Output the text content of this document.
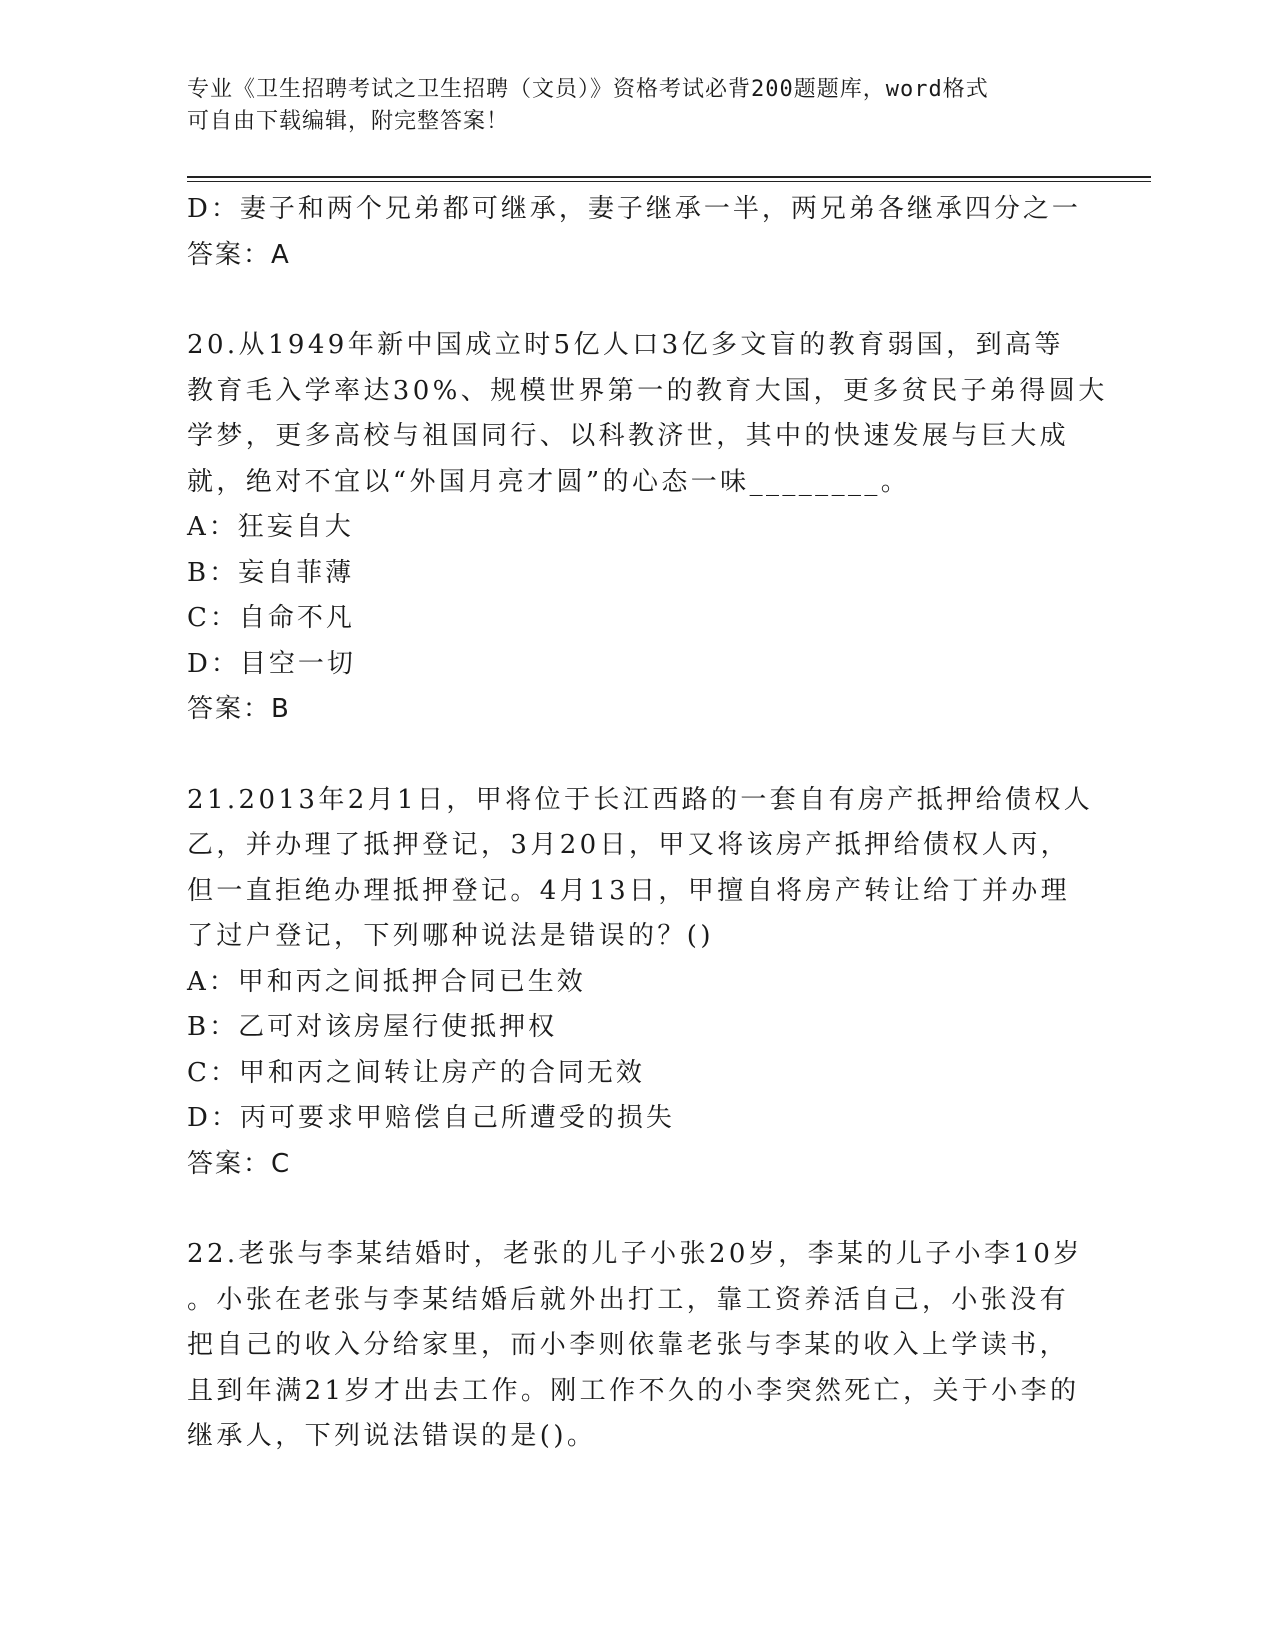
专业《卫生招聘考试之卫生招聘（文员）》资格考试必背200题题库，word格式
可自由下载编辑，附完整答案！
D：妻子和两个兄弟都可继承，妻子继承一半，两兄弟各继承四分之一
答案：A
20.从1949年新中国成立时5亿人口3亿多文盲的教育弱国，到高等
教育毛入学率达30%、规模世界第一的教育大国，更多贫民子弟得圆大
学梦，更多高校与祖国同行、以科教济世，其中的快速发展与巨大成
就，绝对不宜以“外国月亮才圆”的心态一味________。
A：狂妄自大
B：妄自菲薄
C：自命不凡
D：目空一切
答案：B
21.2013年2月1日，甲将位于长江西路的一套自有房产抵押给债权人
乙，并办理了抵押登记，3月20日，甲又将该房产抵押给债权人丙，
但一直拒绝办理抵押登记。4月13日，甲擅自将房产转让给丁并办理
了过户登记，下列哪种说法是错误的？()
A：甲和丙之间抵押合同已生效
B：乙可对该房屋行使抵押权
C：甲和丙之间转让房产的合同无效
D：丙可要求甲赔偿自己所遭受的损失
答案：C
22.老张与李某结婚时，老张的儿子小张20岁，李某的儿子小李10岁
。小张在老张与李某结婚后就外出打工，靠工资养活自己，小张没有
把自己的收入分给家里，而小李则依靠老张与李某的收入上学读书，
且到年满21岁才出去工作。刚工作不久的小李突然死亡，关于小李的
继承人，下列说法错误的是()。
